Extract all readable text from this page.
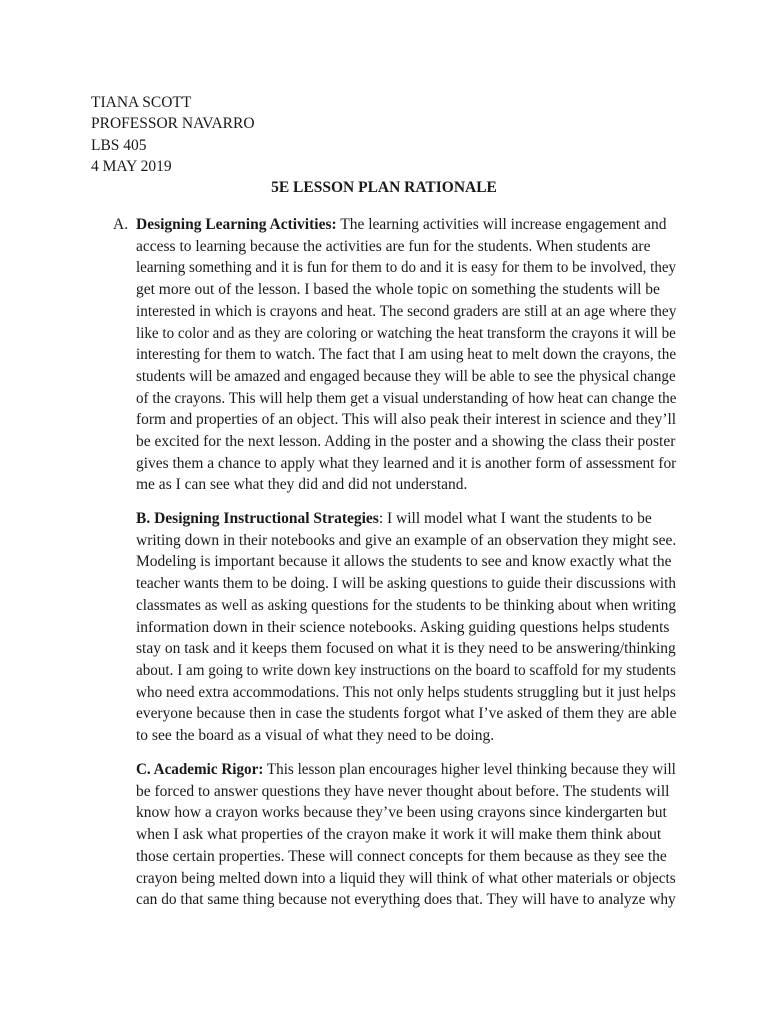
TIANA SCOTT
PROFESSOR NAVARRO
LBS 405
4 MAY 2019
5E LESSON PLAN RATIONALE
A. Designing Learning Activities: The learning activities will increase engagement and
access to learning because the activities are fun for the students. When students are
learning something and it is fun for them to do and it is easy for them to be involved, they
get more out of the lesson. I based the whole topic on something the students will be
interested in which is crayons and heat. The second graders are still at an age where they
like to color and as they are coloring or watching the heat transform the crayons it will be
interesting for them to watch. The fact that I am using heat to melt down the crayons, the
students will be amazed and engaged because they will be able to see the physical change
of the crayons. This will help them get a visual understanding of how heat can change the
form and properties of an object. This will also peak their interest in science and they’ll
be excited for the next lesson. Adding in the poster and a showing the class their poster
gives them a chance to apply what they learned and it is another form of assessment for
me as I can see what they did and did not understand.
B. Designing Instructional Strategies: I will model what I want the students to be
writing down in their notebooks and give an example of an observation they might see.
Modeling is important because it allows the students to see and know exactly what the
teacher wants them to be doing. I will be asking questions to guide their discussions with
classmates as well as asking questions for the students to be thinking about when writing
information down in their science notebooks. Asking guiding questions helps students
stay on task and it keeps them focused on what it is they need to be answering/thinking
about. I am going to write down key instructions on the board to scaffold for my students
who need extra accommodations. This not only helps students struggling but it just helps
everyone because then in case the students forgot what I’ve asked of them they are able
to see the board as a visual of what they need to be doing.
C. Academic Rigor: This lesson plan encourages higher level thinking because they will
be forced to answer questions they have never thought about before. The students will
know how a crayon works because they’ve been using crayons since kindergarten but
when I ask what properties of the crayon make it work it will make them think about
those certain properties. These will connect concepts for them because as they see the
crayon being melted down into a liquid they will think of what other materials or objects
can do that same thing because not everything does that. They will have to analyze why
